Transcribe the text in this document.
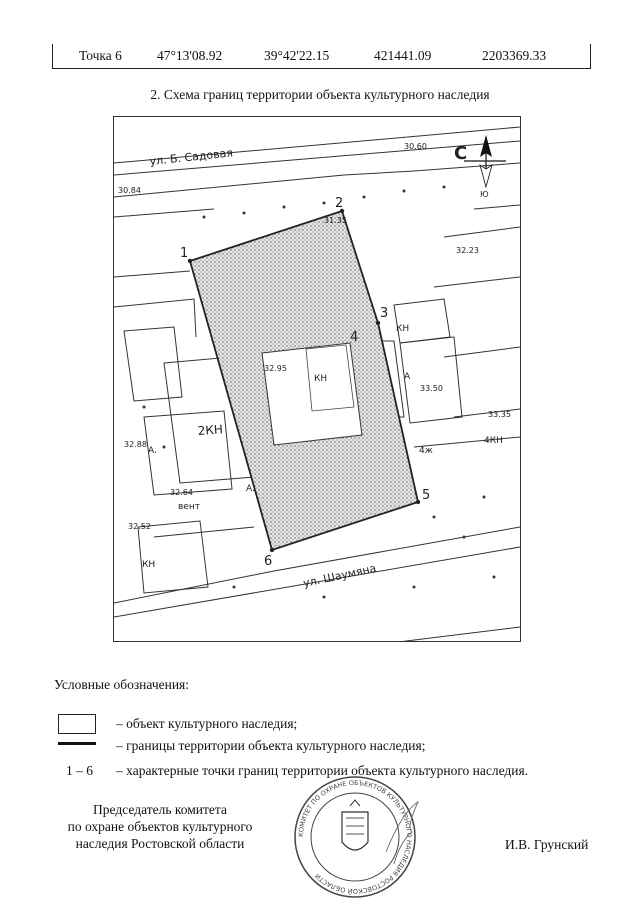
Точка 6	47°13'08.92	39°42'22.15	421441.09	2203369.33
2. Схема границ территории объекта культурного наследия
2
3
4
5
6
1
ул. Б. Садовая
ул. Шаумяна
2КН
КН
А.
КН
вент
А
КН
4КН
А.
4ж
32.95
32.88
32.64
32.52
33.50
33.35
30.84
31.35
32.23
30.60 С
Ю
Условные обозначения:
– объект культурного наследия;
– границы территории объекта культурного наследия;
1 – 6 – характерные точки границ территории объекта культурного наследия.
Председатель комитета
по охране объектов культурного
наследия Ростовской области
КОМИТЕТ ПО ОХРАНЕ ОБЪЕКТОВ КУЛЬТУРНОГО НАСЛЕДИЯ РОСТОВСКОЙ ОБЛАСТИ
И.В. Грунский
